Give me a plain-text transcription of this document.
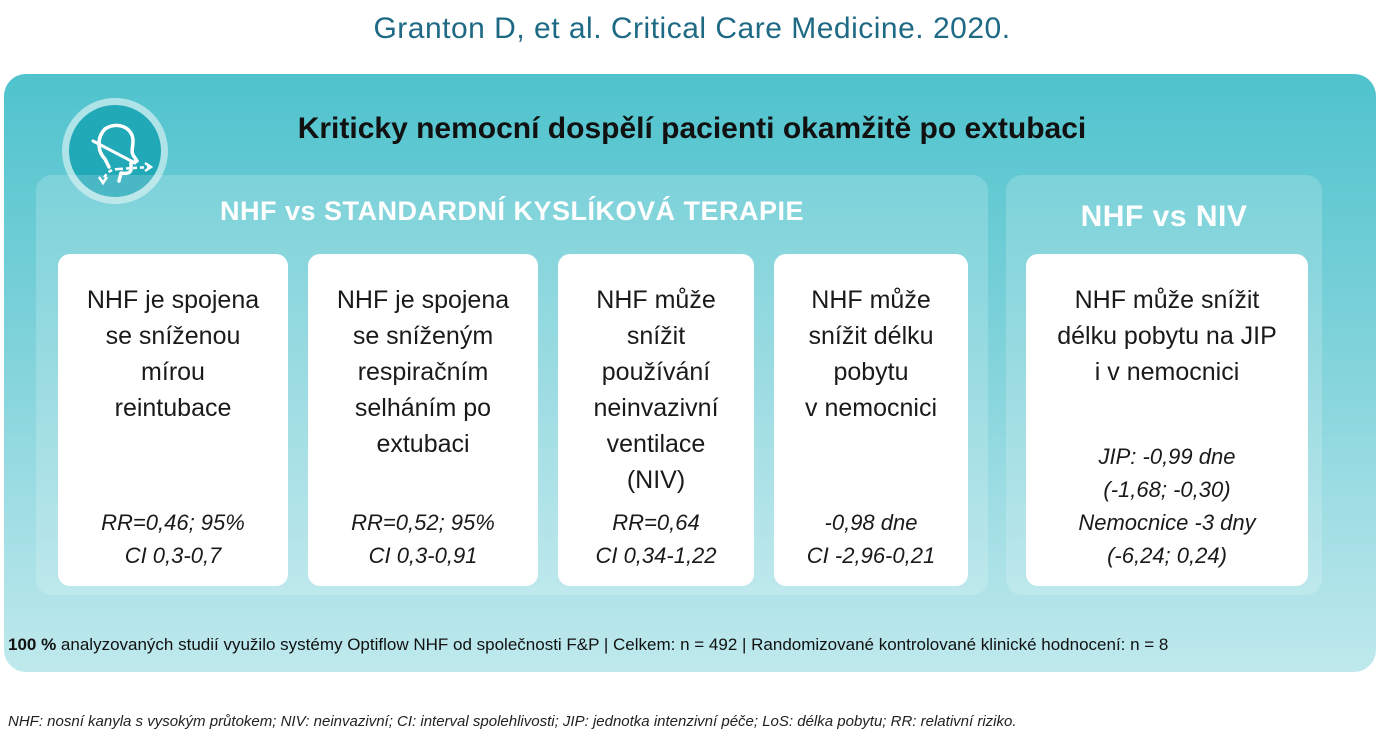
Granton D, et al. Critical Care Medicine. 2020.
Kriticky nemocní dospělí pacienti okamžitě po extubaci
NHF vs STANDARDNÍ KYSLÍKOVÁ TERAPIE	NHF vs NIV
NHF je spojena
se sníženou
mírou
reintubace
RR=0,46; 95%
CI 0,3-0,7
NHF je spojena
se sníženým
respiračním
selháním po
extubaci
RR=0,52; 95%
CI 0,3-0,91
NHF může
snížit
používání
neinvazivní
ventilace
(NIV)
RR=0,64
CI 0,34-1,22
NHF může
snížit délku
pobytu
v nemocnici
-0,98 dne
CI -2,96-0,21
NHF může snížit
délku pobytu na JIP
i v nemocnici
JIP: -0,99 dne
(-1,68; -0,30)
Nemocnice -3 dny
(-6,24; 0,24)
100 % analyzovaných studií využilo systémy Optiflow NHF od společnosti F&P | Celkem: n = 492 | Randomizované kontrolované klinické hodnocení: n = 8
NHF: nosní kanyla s vysokým průtokem; NIV: neinvazivní; CI: interval spolehlivosti; JIP: jednotka intenzivní péče; LoS: délka pobytu; RR: relativní riziko.
